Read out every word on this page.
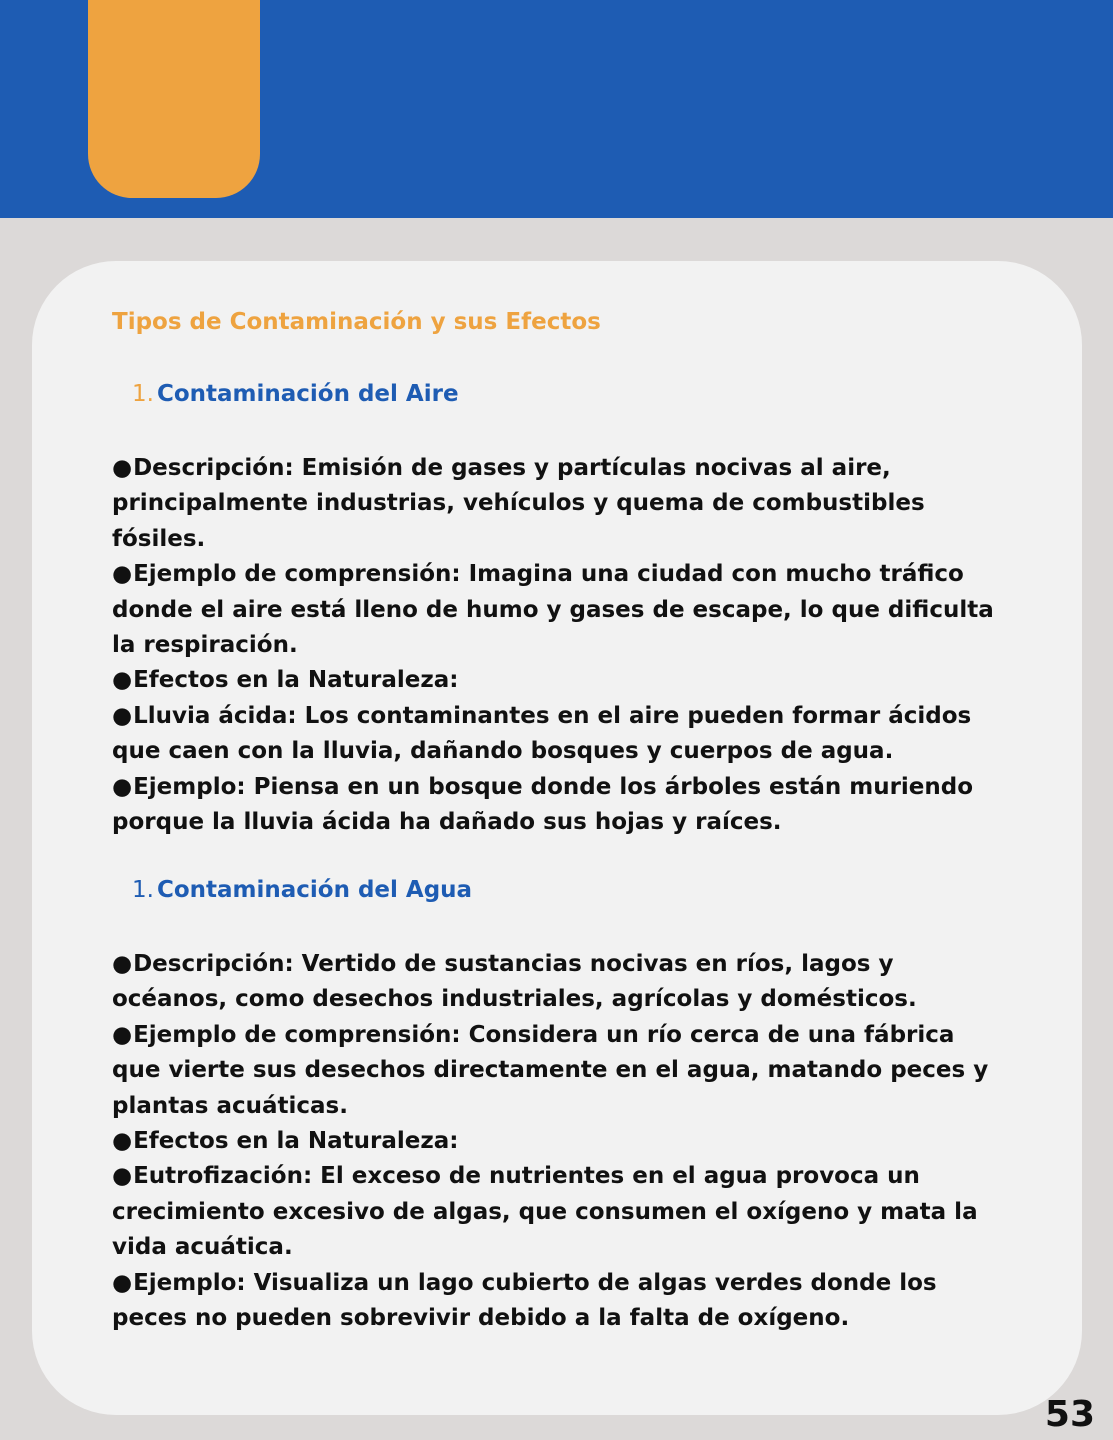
Tipos de Contaminación y sus Efectos
1. Contaminación del Aire
●Descripción: Emisión de gases y partículas nocivas al aire, principalmente industrias, vehículos y quema de combustibles fósiles.
●Ejemplo de comprensión: Imagina una ciudad con mucho tráfico donde el aire está lleno de humo y gases de escape, lo que dificulta la respiración.
●Efectos en la Naturaleza:
●Lluvia ácida: Los contaminantes en el aire pueden formar ácidos que caen con la lluvia, dañando bosques y cuerpos de agua.
●Ejemplo: Piensa en un bosque donde los árboles están muriendo porque la lluvia ácida ha dañado sus hojas y raíces.
1. Contaminación del Agua
●Descripción: Vertido de sustancias nocivas en ríos, lagos y océanos, como desechos industriales, agrícolas y domésticos.
●Ejemplo de comprensión: Considera un río cerca de una fábrica que vierte sus desechos directamente en el agua, matando peces y plantas acuáticas.
●Efectos en la Naturaleza:
●Eutrofización: El exceso de nutrientes en el agua provoca un crecimiento excesivo de algas, que consumen el oxígeno y mata la vida acuática.
●Ejemplo: Visualiza un lago cubierto de algas verdes donde los peces no pueden sobrevivir debido a la falta de oxígeno.
53
